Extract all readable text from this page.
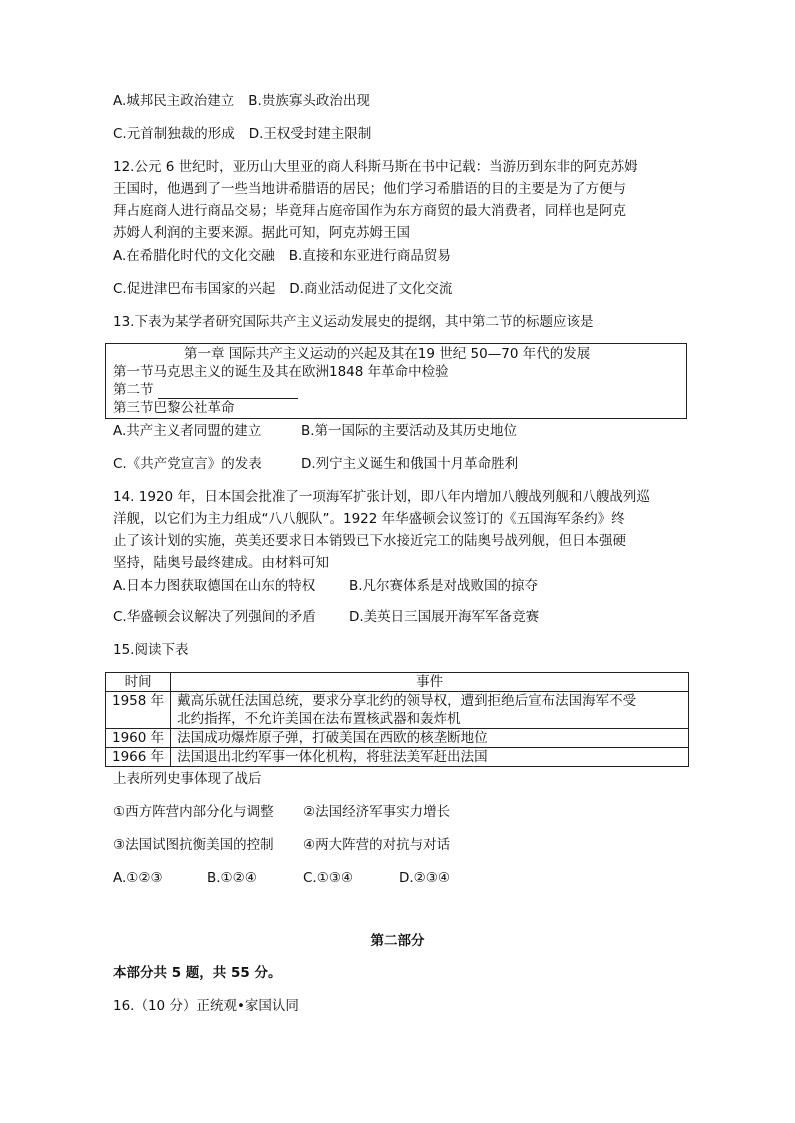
A.城邦民主政治建立 B.贵族寡头政治出现
C.元首制独裁的形成 D.王权受封建主限制
12.公元 6 世纪时，亚历山大里亚的商人科斯马斯在书中记载：当游历到东非的阿克苏姆
王国时，他遇到了一些当地讲希腊语的居民；他们学习希腊语的目的主要是为了方便与
拜占庭商人进行商品交易；毕竟拜占庭帝国作为东方商贸的最大消费者，同样也是阿克
苏姆人利润的主要来源。据此可知，阿克苏姆王国
A.在希腊化时代的文化交融 B.直接和东亚进行商品贸易
C.促进津巴布韦国家的兴起 D.商业活动促进了文化交流
13.下表为某学者研究国际共产主义运动发展史的提纲，其中第二节的标题应该是
第一章 国际共产主义运动的兴起及其在19 世纪 50—70 年代的发展
第一节马克思主义的诞生及其在欧洲1848 年革命中检验
第二节
第三节巴黎公社革命
A.共产主义者同盟的建立	B.第一国际的主要活动及其历史地位
C.《共产党宣言》的发表	D.列宁主义诞生和俄国十月革命胜利
14. 1920 年，日本国会批准了一项海军扩张计划，即八年内增加八艘战列舰和八艘战列巡
洋舰，以它们为主力组成“八八舰队”。1922 年华盛顿会议签订的《五国海军条约》终
止了该计划的实施，英美还要求日本销毁已下水接近完工的陆奥号战列舰，但日本强硬
坚持，陆奥号最终建成。由材料可知
A.日本力图获取德国在山东的特权 B.凡尔赛体系是对战败国的掠夺
C.华盛顿会议解决了列强间的矛盾 D.美英日三国展开海军军备竞赛
15.阅读下表
时间	事件
1958 年	戴高乐就任法国总统，要求分享北约的领导权，遭到拒绝后宣布法国海军不受
北约指挥，不允许美国在法布置核武器和轰炸机

1960 年	法国成功爆炸原子弹，打破美国在西欧的核垄断地位
1966 年	法国退出北约军事一体化机构，将驻法美军赶出法国
上表所列史事体现了战后
①西方阵营内部分化与调整 ②法国经济军事实力增长
③法国试图抗衡美国的控制 ④两大阵营的对抗与对话
A.①②③	B.①②④	C.①③④	D.②③④
第二部分
本部分共 5 题，共 55 分。
16.（10 分）正统观•家国认同
